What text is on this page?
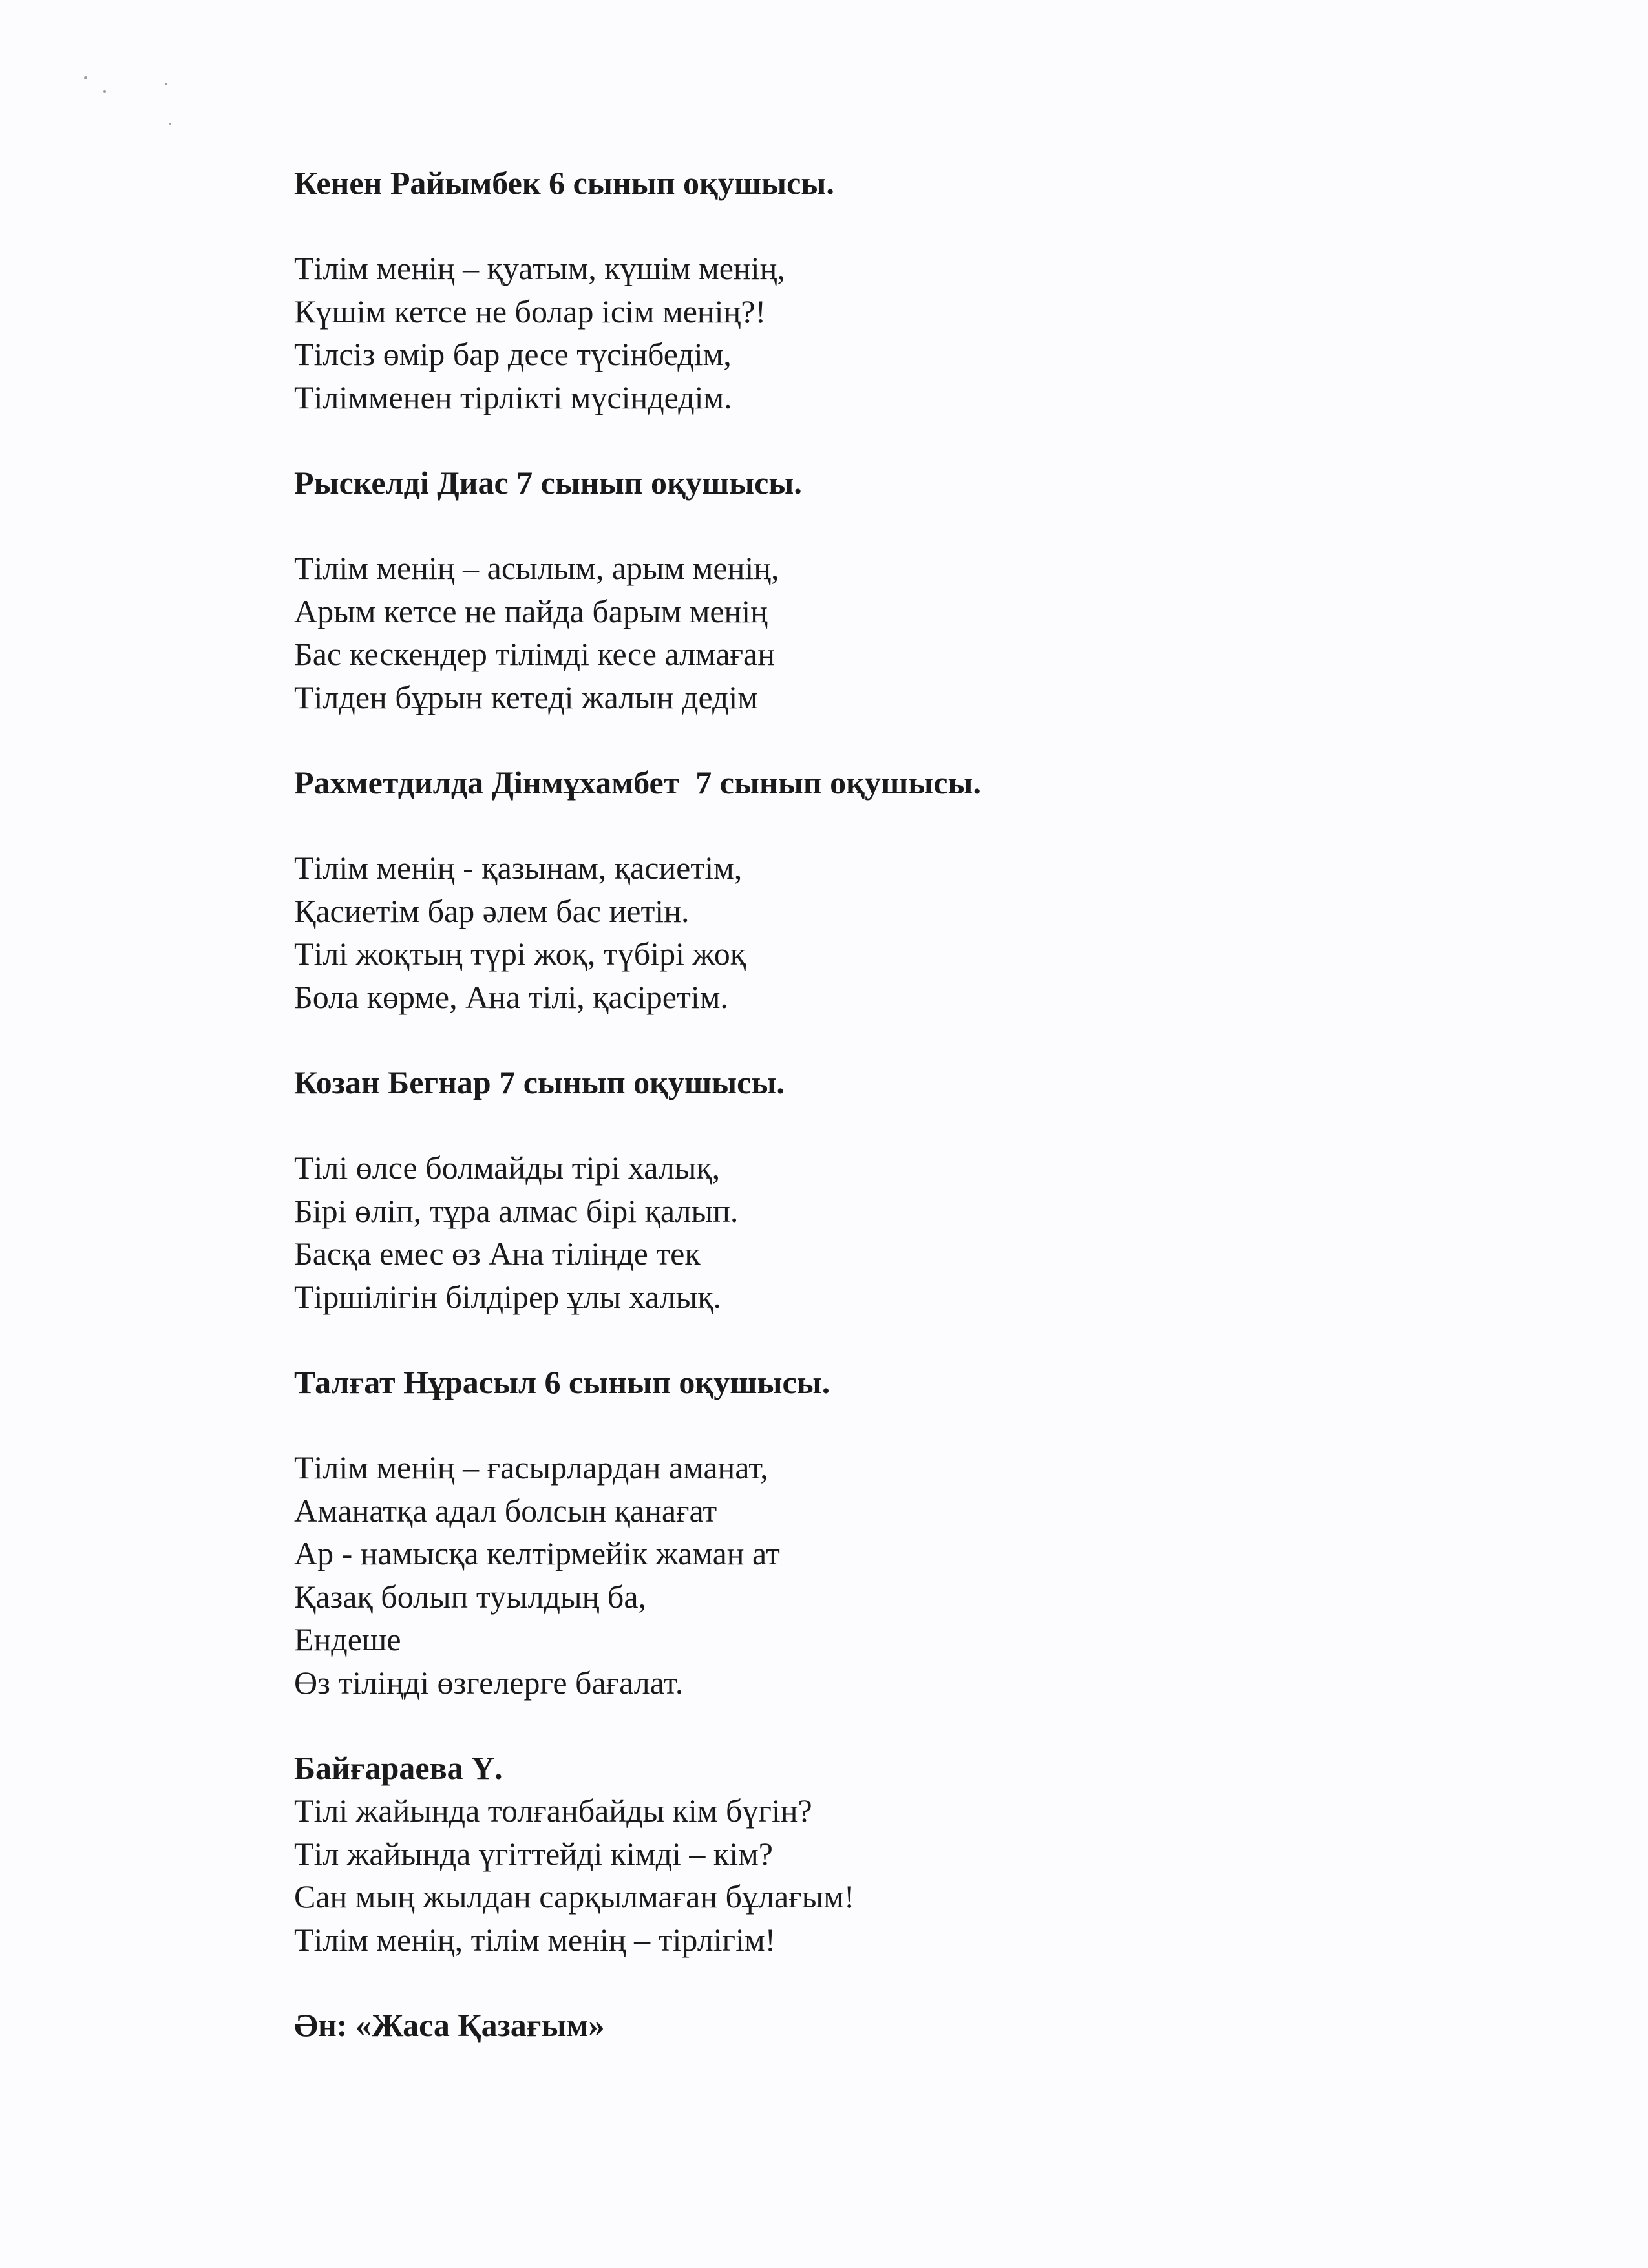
Кенен Райымбек 6 сынып оқушысы.

Тілім менің – қуатым, күшім менің,

Күшім кетсе не болар ісім менің?!

Тілсіз өмір бар десе түсінбедім,

Тілімменен тірлікті мүсіндедім.

Рыскелді Диас 7 сынып оқушысы.

Тілім менің – асылым, арым менің,

Арым кетсе не пайда барым менің

Бас кескендер тілімді кесе алмаған

Тілден бұрын кетеді жалын дедім

Рахметдилда Дінмұхамбет  7 сынып оқушысы.

Тілім менің - қазынам, қасиетім,

Қасиетім бар әлем бас иетін.

Тілі жоқтың түрі жоқ, түбірі жоқ

Бола көрме, Ана тілі, қасіретім.

Козан Бегнар 7 сынып оқушысы.

Тілі өлсе болмайды тірі халық,

Бірі өліп, тұра алмас бірі қалып.

Басқа емес өз Ана тілінде тек

Тіршілігін білдірер ұлы халық.

Талғат Нұрасыл 6 сынып оқушысы.

Тілім менің – ғасырлардан аманат,

Аманатқа адал болсын қанағат

Ар - намысқа келтірмейік жаман ат

Қазақ болып туылдың ба,

Ендеше

Өз тіліңді өзгелерге бағалат.

Байғараева Ү.

Тілі жайында толғанбайды кім бүгін?

Тіл жайында үгіттейді кімді – кім?

Сан мың жылдан сарқылмаған бұлағым!

Тілім менің, тілім менің – тірлігім!

Ән: «Жаса Қазағым»
